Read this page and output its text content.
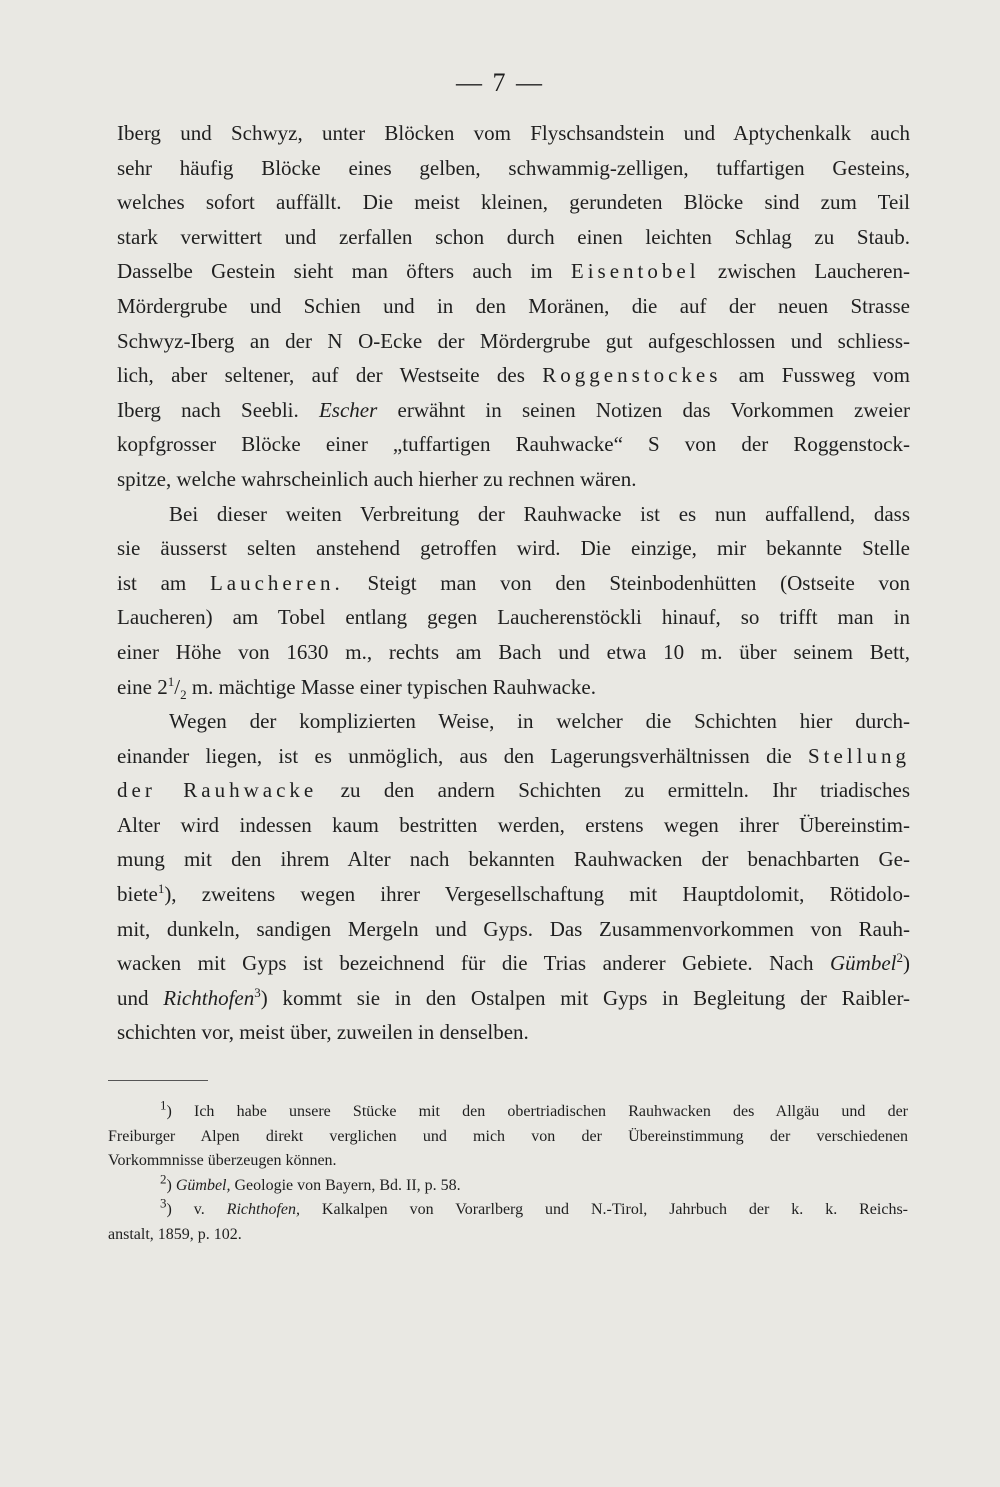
— 7 —
Iberg und Schwyz, unter Blöcken vom Flyschsandstein und Aptychenkalk auch
sehr häufig Blöcke eines gelben, schwammig-zelligen, tuffartigen Gesteins,
welches sofort auffällt. Die meist kleinen, gerundeten Blöcke sind zum Teil
stark verwittert und zerfallen schon durch einen leichten Schlag zu Staub.
Dasselbe Gestein sieht man öfters auch im Eisentobel zwischen Laucheren-
Mördergrube und Schien und in den Moränen, die auf der neuen Strasse
Schwyz-Iberg an der N O-Ecke der Mördergrube gut aufgeschlossen und schliess-
lich, aber seltener, auf der Westseite des Roggenstockes am Fussweg vom
Iberg nach Seebli. Escher erwähnt in seinen Notizen das Vorkommen zweier
kopfgrosser Blöcke einer „tuffartigen Rauhwacke“ S von der Roggenstock-
spitze, welche wahrscheinlich auch hierher zu rechnen wären.
Bei dieser weiten Verbreitung der Rauhwacke ist es nun auffallend, dass
sie äusserst selten anstehend getroffen wird. Die einzige, mir bekannte Stelle
ist am Laucheren. Steigt man von den Steinbodenhütten (Ostseite von
Laucheren) am Tobel entlang gegen Laucherenstöckli hinauf, so trifft man in
einer Höhe von 1630 m., rechts am Bach und etwa 10 m. über seinem Bett,
eine $2^1/_2$ m. mächtige Masse einer typischen Rauhwacke.
Wegen der komplizierten Weise, in welcher die Schichten hier durch-
einander liegen, ist es unmöglich, aus den Lagerungsverhältnissen die Stellung
der Rauhwacke zu den andern Schichten zu ermitteln. Ihr triadisches
Alter wird indessen kaum bestritten werden, erstens wegen ihrer Übereinstim-
mung mit den ihrem Alter nach bekannten Rauhwacken der benachbarten Ge-
biete$^1$), zweitens wegen ihrer Vergesellschaftung mit Hauptdolomit, Rötidolo-
mit, dunkeln, sandigen Mergeln und Gyps. Das Zusammenvorkommen von Rauh-
wacken mit Gyps ist bezeichnend für die Trias anderer Gebiete. Nach Gümbel$^2$)
und Richthofen$^3$) kommt sie in den Ostalpen mit Gyps in Begleitung der Raibler-
schichten vor, meist über, zuweilen in denselben.
$^1$) Ich habe unsere Stücke mit den obertriadischen Rauhwacken des Allgäu und der
Freiburger Alpen direkt verglichen und mich von der Übereinstimmung der verschiedenen
Vorkommnisse überzeugen können.
$^2$) Gümbel, Geologie von Bayern, Bd. II, p. 58.
$^3$) v. Richthofen, Kalkalpen von Vorarlberg und N.-Tirol, Jahrbuch der k. k. Reichs-
anstalt, 1859, p. 102.
